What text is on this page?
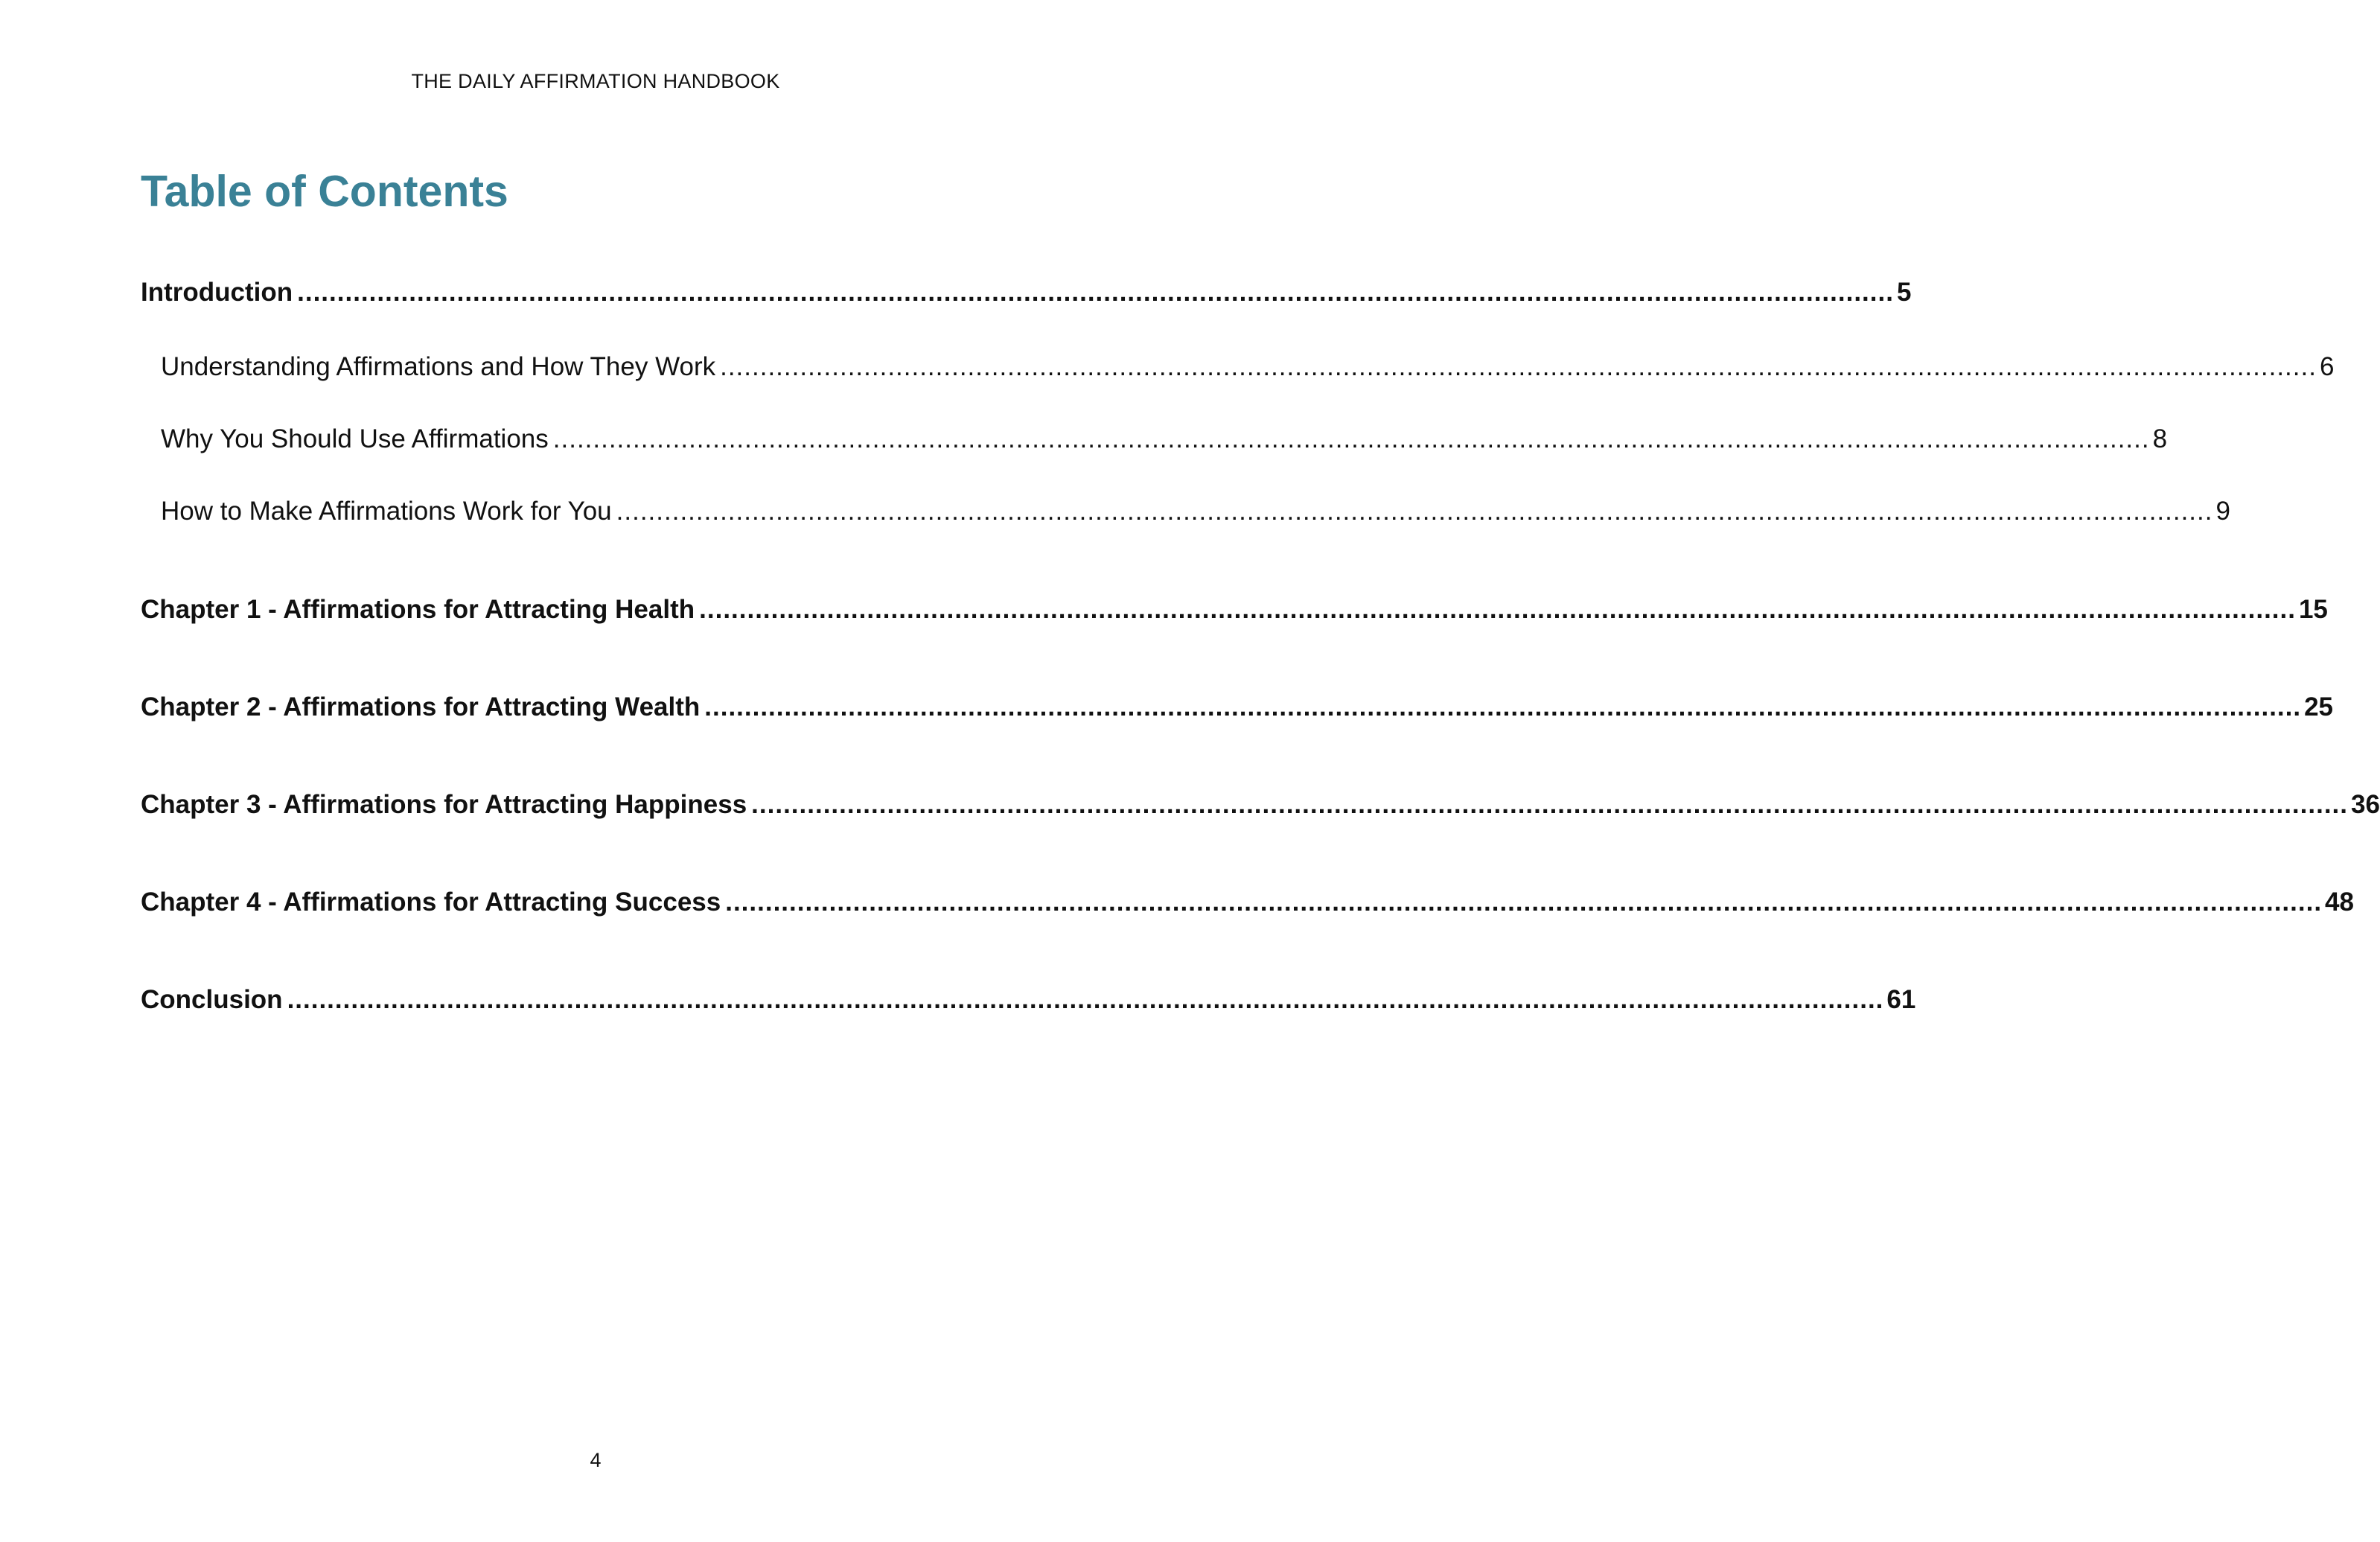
THE DAILY AFFIRMATION HANDBOOK
Table of Contents
Introduction ........................................................................................................................................................................................................ 5
Understanding Affirmations and How They Work ........................................................................................................................................................................................................ 6
Why You Should Use Affirmations ........................................................................................................................................................................................................ 8
How to Make Affirmations Work for You ........................................................................................................................................................................................................ 9
Chapter 1 - Affirmations for Attracting Health ........................................................................................................................................................................................................ 15
Chapter 2 - Affirmations for Attracting Wealth ........................................................................................................................................................................................................ 25
Chapter 3 - Affirmations for Attracting Happiness ........................................................................................................................................................................................................ 36
Chapter 4 - Affirmations for Attracting Success ........................................................................................................................................................................................................ 48
Conclusion ........................................................................................................................................................................................................ 61
4
